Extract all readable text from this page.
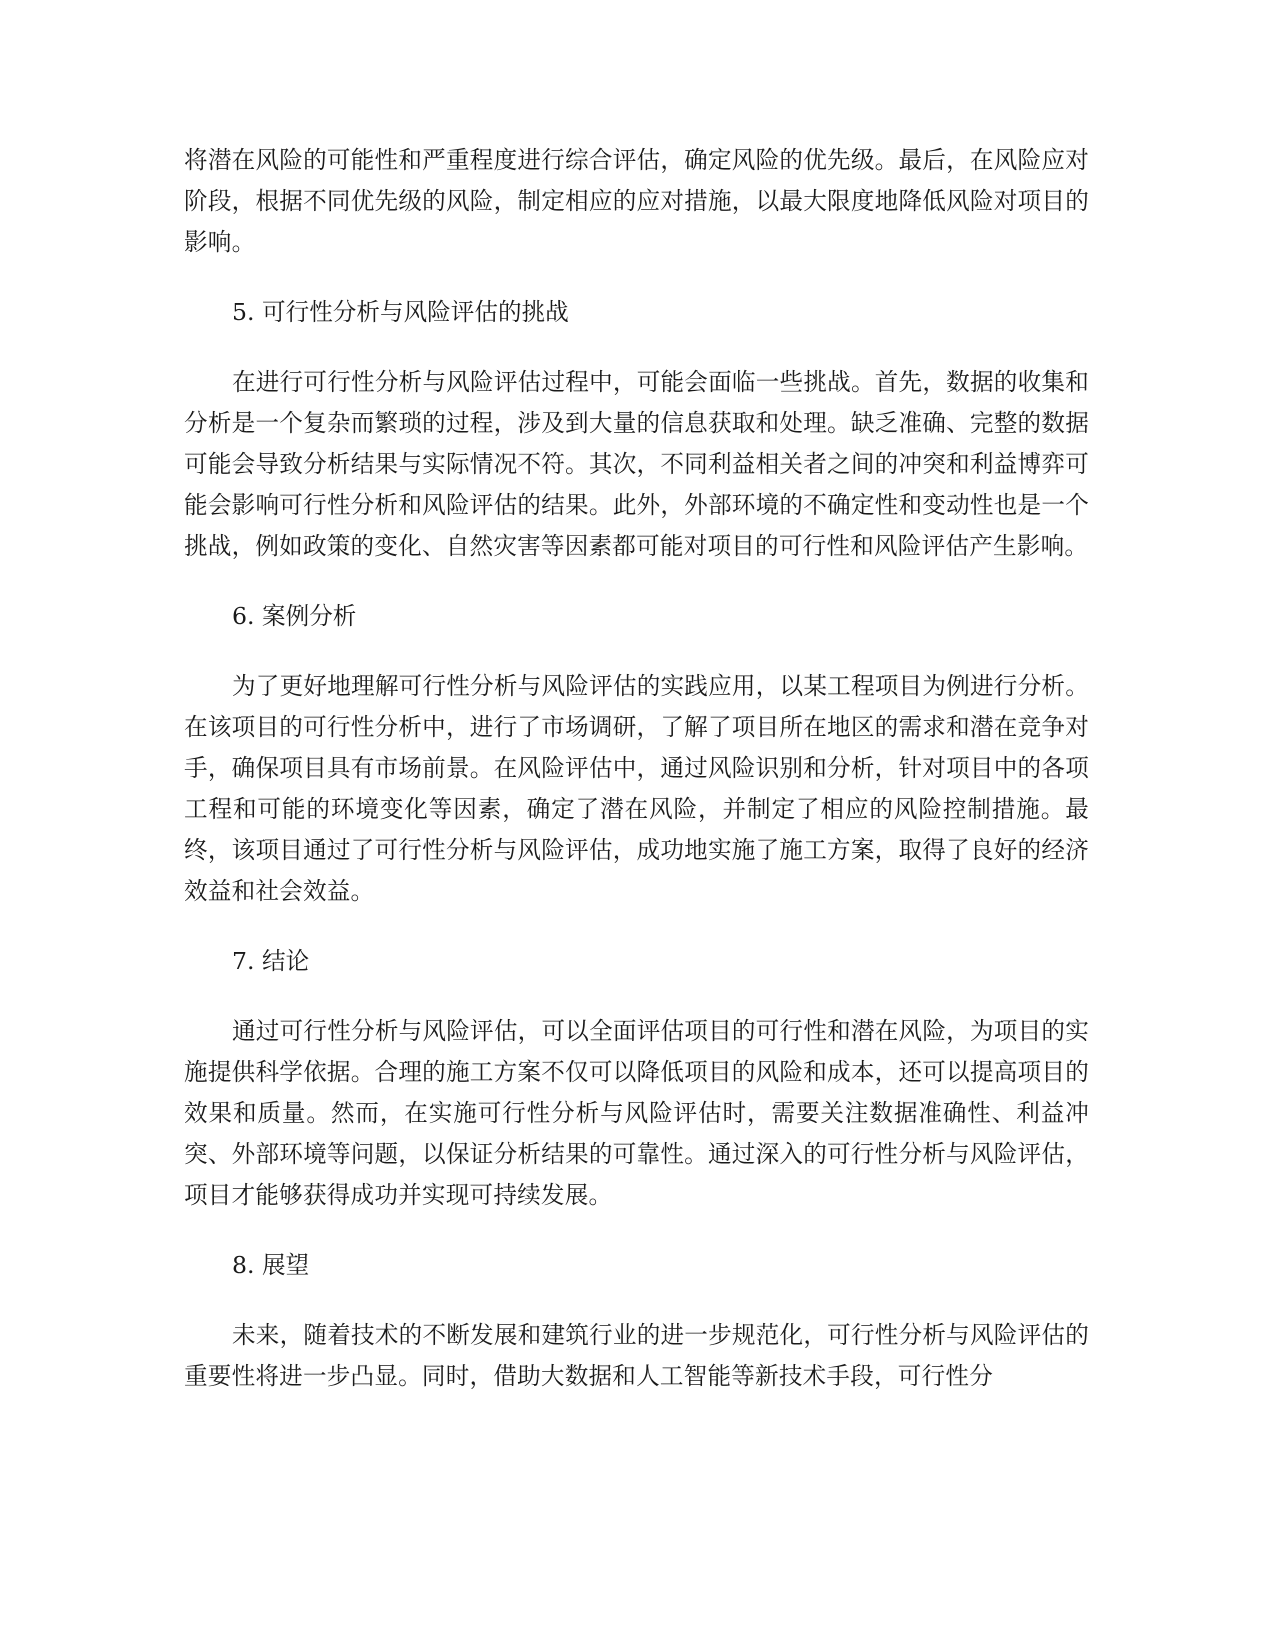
将潜在风险的可能性和严重程度进行综合评估，确定风险的优先级。最后，在风险应对阶段，根据不同优先级的风险，制定相应的应对措施，以最大限度地降低风险对项目的影响。

5. 可行性分析与风险评估的挑战

在进行可行性分析与风险评估过程中，可能会面临一些挑战。首先，数据的收集和分析是一个复杂而繁琐的过程，涉及到大量的信息获取和处理。缺乏准确、完整的数据可能会导致分析结果与实际情况不符。其次，不同利益相关者之间的冲突和利益博弈可能会影响可行性分析和风险评估的结果。此外，外部环境的不确定性和变动性也是一个挑战，例如政策的变化、自然灾害等因素都可能对项目的可行性和风险评估产生影响。

6. 案例分析

为了更好地理解可行性分析与风险评估的实践应用，以某工程项目为例进行分析。在该项目的可行性分析中，进行了市场调研，了解了项目所在地区的需求和潜在竞争对手，确保项目具有市场前景。在风险评估中，通过风险识别和分析，针对项目中的各项工程和可能的环境变化等因素，确定了潜在风险，并制定了相应的风险控制措施。最终，该项目通过了可行性分析与风险评估，成功地实施了施工方案，取得了良好的经济效益和社会效益。

7. 结论

通过可行性分析与风险评估，可以全面评估项目的可行性和潜在风险，为项目的实施提供科学依据。合理的施工方案不仅可以降低项目的风险和成本，还可以提高项目的效果和质量。然而，在实施可行性分析与风险评估时，需要关注数据准确性、利益冲突、外部环境等问题，以保证分析结果的可靠性。通过深入的可行性分析与风险评估，项目才能够获得成功并实现可持续发展。

8. 展望

未来，随着技术的不断发展和建筑行业的进一步规范化，可行性分析与风险评估的重要性将进一步凸显。同时，借助大数据和人工智能等新技术手段，可行性分
